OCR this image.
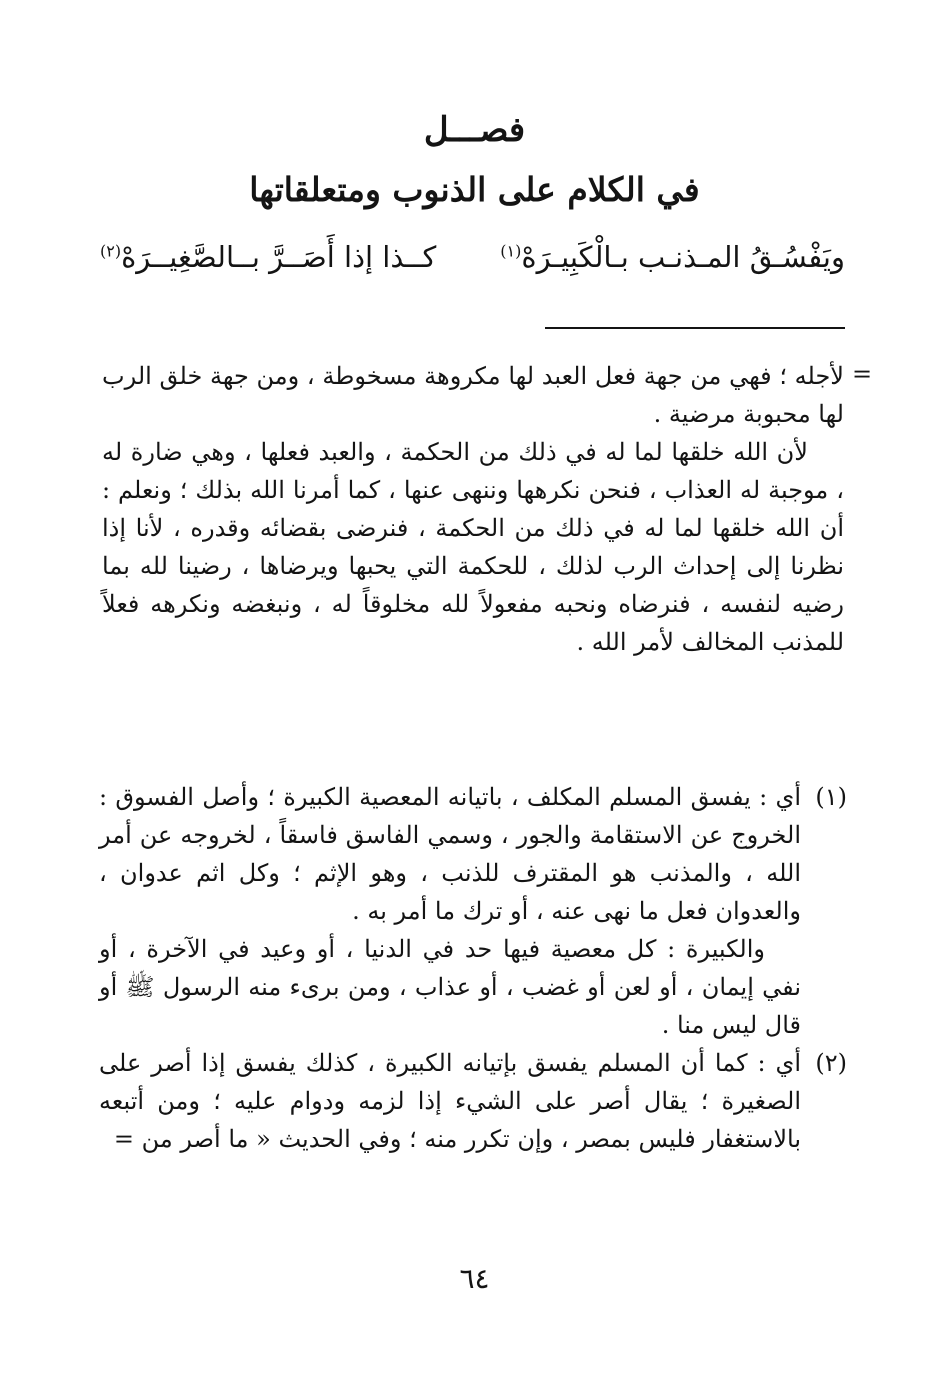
فصـــل
في الكلام على الذنوب ومتعلقاتها
ويَفْسُـقُ المـذنـب بـالْكَبِيـرَهْ$^{(١)}$
كــذا إذا أَصَــرَّ بــالصَّغِيــرَهْ$^{(٢)}$
=

لأجله ؛ فهي من جهة فعل العبد لها مكروهة مسخوطة ، ومن جهة خلق الرب لها محبوبة مرضية .

لأن الله خلقها لما له في ذلك من الحكمة ، والعبد فعلها ، وهي ضارة له ، موجبة له العذاب ، فنحن نكرهها وننهى عنها ، كما أمرنا الله بذلك ؛ ونعلم : أن الله خلقها لما له في ذلك من الحكمة ، فنرضى بقضائه وقدره ، لأنا إذا نظرنا إلى إحداث الرب لذلك ، للحكمة التي يحبها ويرضاها ، رضينا لله بما رضيه لنفسه ، فنرضاه ونحبه مفعولاً لله مخلوقاً له ، ونبغضه ونكرهه فعلاً للمذنب المخالف لأمر الله .

(١)

أي : يفسق المسلم المكلف ، باتيانه المعصية الكبيرة ؛ وأصل الفسوق : الخروج عن الاستقامة والجور ، وسمي الفاسق فاسقاً ، لخروجه عن أمر الله ، والمذنب هو المقترف للذنب ، وهو الإثم ؛ وكل اثم عدوان ، والعدوان فعل ما نهى عنه ، أو ترك ما أمر به .

والكبيرة : كل معصية فيها حد في الدنيا ، أو وعيد في الآخرة ، أو نفي إيمان ، أو لعن أو غضب ، أو عذاب ، ومن برىء منه الرسول ﷺ أو قال ليس منا .

(٢)

أي : كما أن المسلم يفسق بإتيانه الكبيرة ، كذلك يفسق إذا أصر على الصغيرة ؛ يقال أصر على الشيء إذا لزمه ودوام عليه ؛ ومن أتبعه بالاستغفار فليس بمصر ، وإن تكرر منه ؛ وفي الحديث « ما أصر من =

٦٤
